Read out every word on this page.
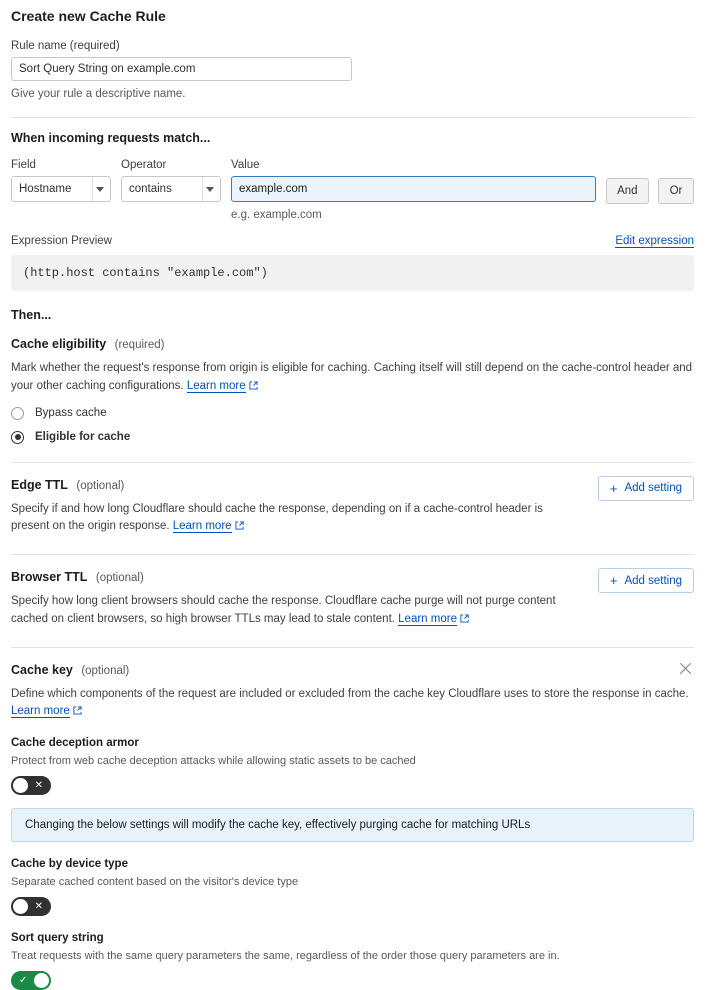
Create new Cache Rule
Rule name (required)
Sort Query String on example.com
Give your rule a descriptive name.
When incoming requests match...
Field
Hostname
Operator
contains
Value
example.com
e.g. example.com
And	Or
Expression Preview	Edit expression
(http.host contains "example.com")
Then...
Cache eligibility (required)
Mark whether the request's response from origin is eligible for caching. Caching itself will still depend on the cache-control header and your other caching configurations. Learn more
Bypass cache
Eligible for cache
Edge TTL (optional)
Specify if and how long Cloudflare should cache the response, depending on if a cache-control header is present on the origin response. Learn more
+ Add setting
Browser TTL (optional)
Specify how long client browsers should cache the response. Cloudflare cache purge will not purge content cached on client browsers, so high browser TTLs may lead to stale content. Learn more
+ Add setting
Cache key (optional)
Define which components of the request are included or excluded from the cache key Cloudflare uses to store the response in cache. Learn more
Cache deception armor
Protect from web cache deception attacks while allowing static assets to be cached
✕
Changing the below settings will modify the cache key, effectively purging cache for matching URLs
Cache by device type
Separate cached content based on the visitor's device type
✕
Sort query string
Treat requests with the same query parameters the same, regardless of the order those query parameters are in.
✓
